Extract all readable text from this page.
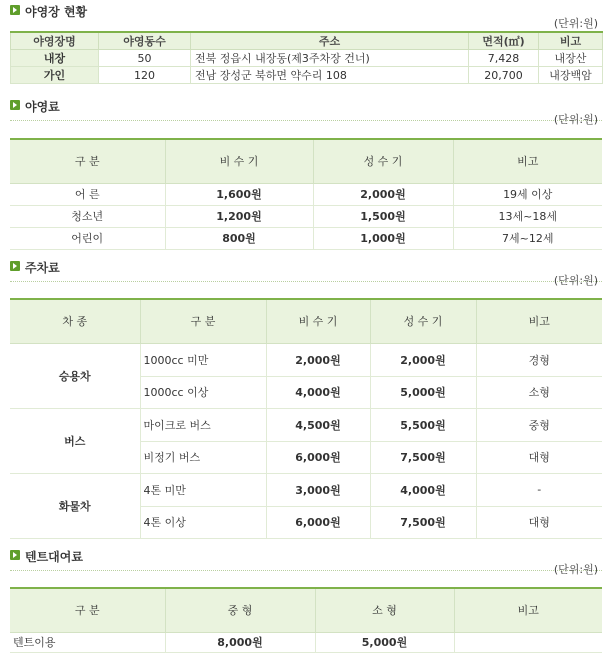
야영장 현황
(단위:원)
야영장명	야영동수	주소	면적(㎡)	비고
내장	50	전북 정읍시 내장동(제3주차장 건너)	7,428	내장산
가인	120	전남 장성군 북하면 약수리 108	20,700	내장백암
야영료
(단위:원)
구 분	비 수 기	성 수 기	비고
어 른	1,600원	2,000원	19세 이상
청소년	1,200원	1,500원	13세~18세
어린이	800원	1,000원	7세~12세
주차료
(단위:원)
차 종	구 분	비 수 기	성 수 기	비고
승용차	1000cc 미만	2,000원	2,000원	경형
	1000cc 이상	4,000원	5,000원	소형
버스	마이크로 버스	4,500원	5,500원	중형
	비정기 버스	6,000원	7,500원	대형
화물차	4톤 미만	3,000원	4,000원	-
	4톤 이상	6,000원	7,500원	대형
텐트대여료
(단위:원)
구 분	중 형	소 형	비고
텐트이용	8,000원	5,000원	
